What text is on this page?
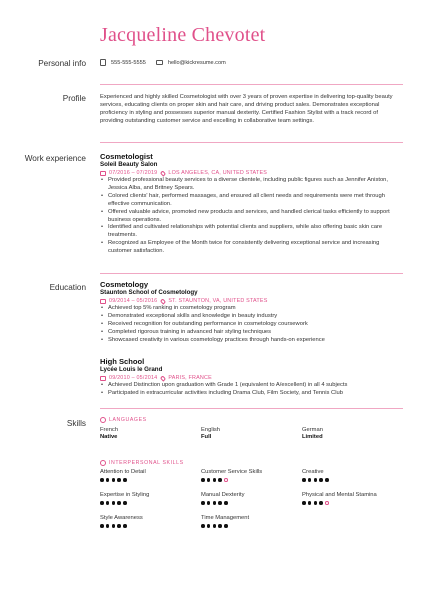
Jacqueline Chevotet
Personal info	555-555-5555	hello@kickresume.com
Profile Experienced and highly skilled Cosmetologist with over 3 years of proven expertise in delivering top-quality beauty services, educating clients on proper skin and hair care, and driving product sales. Demonstrates exceptional proficiency in styling and possesses superior manual dexterity. Certified Fashion Stylist with a track record of providing outstanding customer service and excelling in collaborative team settings.
Work experience Cosmetologist
Soleil Beauty Salon
07/2016 – 07/2019 LOS ANGELES, CA, UNITED STATES
• Provided professional beauty services to a diverse clientele, including public figures such as Jennifer Aniston, Jessica Alba, and Britney Spears.
• Colored clients' hair, performed massages, and ensured all client needs and requirements were met through effective communication.
• Offered valuable advice, promoted new products and services, and handled clerical tasks efficiently to support business operations.
• Identified and cultivated relationships with potential clients and suppliers, while also offering basic skin care treatments.
• Recognized as Employee of the Month twice for consistently delivering exceptional service and increasing customer satisfaction.
Education Cosmetology
Staunton School of Cosmetology
09/2014 – 05/2016 ST. STAUNTON, VA, UNITED STATES
• Achieved top 5% ranking in cosmetology program
• Demonstrated exceptional skills and knowledge in beauty industry
• Received recognition for outstanding performance in cosmetology coursework
• Completed rigorous training in advanced hair styling techniques
• Showcased creativity in various cosmetology practices through hands-on experience
High School
Lycée Louis le Grand
09/2010 – 05/2014 PARIS, FRANCE
• Achieved Distinction upon graduation with Grade 1 (equivalent to A/excellent) in all 4 subjects
• Participated in extracurricular activities including Drama Club, Film Society, and Tennis Club
Skills	LANGUAGES
French
Native
English
Full
German
Limited
INTERPERSONAL SKILLS
Attention to Detail	Customer Service Skills	Creative
Expertise in Styling	Manual Dexterity	Physical and Mental Stamina
Style Awareness	Time Management
